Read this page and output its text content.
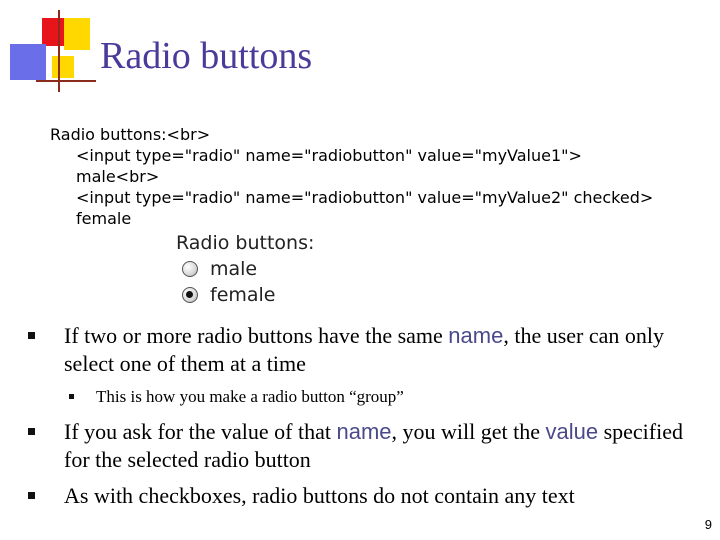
Radio buttons
Radio buttons:<br>
<input type="radio" name="radiobutton" value="myValue1">
male<br>
<input type="radio" name="radiobutton" value="myValue2" checked>
female
Radio buttons:
male
female
If two or more radio buttons have the same name, the user can only select one of them at a time
This is how you make a radio button “group”
If you ask for the value of that name, you will get the value specified for the selected radio button
As with checkboxes, radio buttons do not contain any text
9
